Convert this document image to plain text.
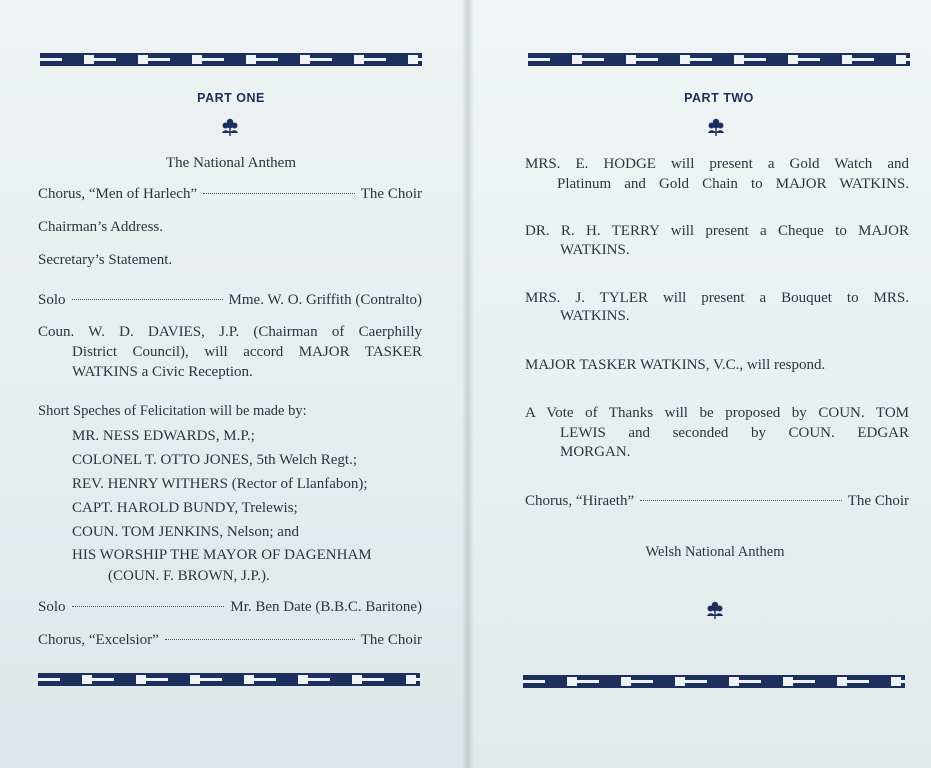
PART ONE
The National Anthem
Chorus, “Men of Harlech”	The Choir
Chairman’s Address.
Secretary’s Statement.
Solo	Mme. W. O. Griffith (Contralto)
Coun. W. D. DAVIES, J.P. (Chairman of Caerphilly
District Council), will accord MAJOR TASKER
WATKINS a Civic Reception.
Short Speches of Felicitation will be made by:
MR. NESS EDWARDS, M.P.;
COLONEL T. OTTO JONES, 5th Welch Regt.;
REV. HENRY WITHERS (Rector of Llanfabon);
CAPT. HAROLD BUNDY, Trelewis;
COUN. TOM JENKINS, Nelson; and
HIS WORSHIP THE MAYOR OF DAGENHAM
(COUN. F. BROWN, J.P.).
Solo	Mr. Ben Date (B.B.C. Baritone)
Chorus, “Excelsior”	The Choir
PART TWO
MRS. E. HODGE will present a Gold Watch and
Platinum and Gold Chain to MAJOR WATKINS.
DR. R. H. TERRY will present a Cheque to MAJOR
WATKINS.
MRS. J. TYLER will present a Bouquet to MRS.
WATKINS.
MAJOR TASKER WATKINS, V.C., will respond.
A Vote of Thanks will be proposed by COUN. TOM
LEWIS and seconded by COUN. EDGAR
MORGAN.
Chorus, “Hiraeth”	The Choir
Welsh National Anthem
